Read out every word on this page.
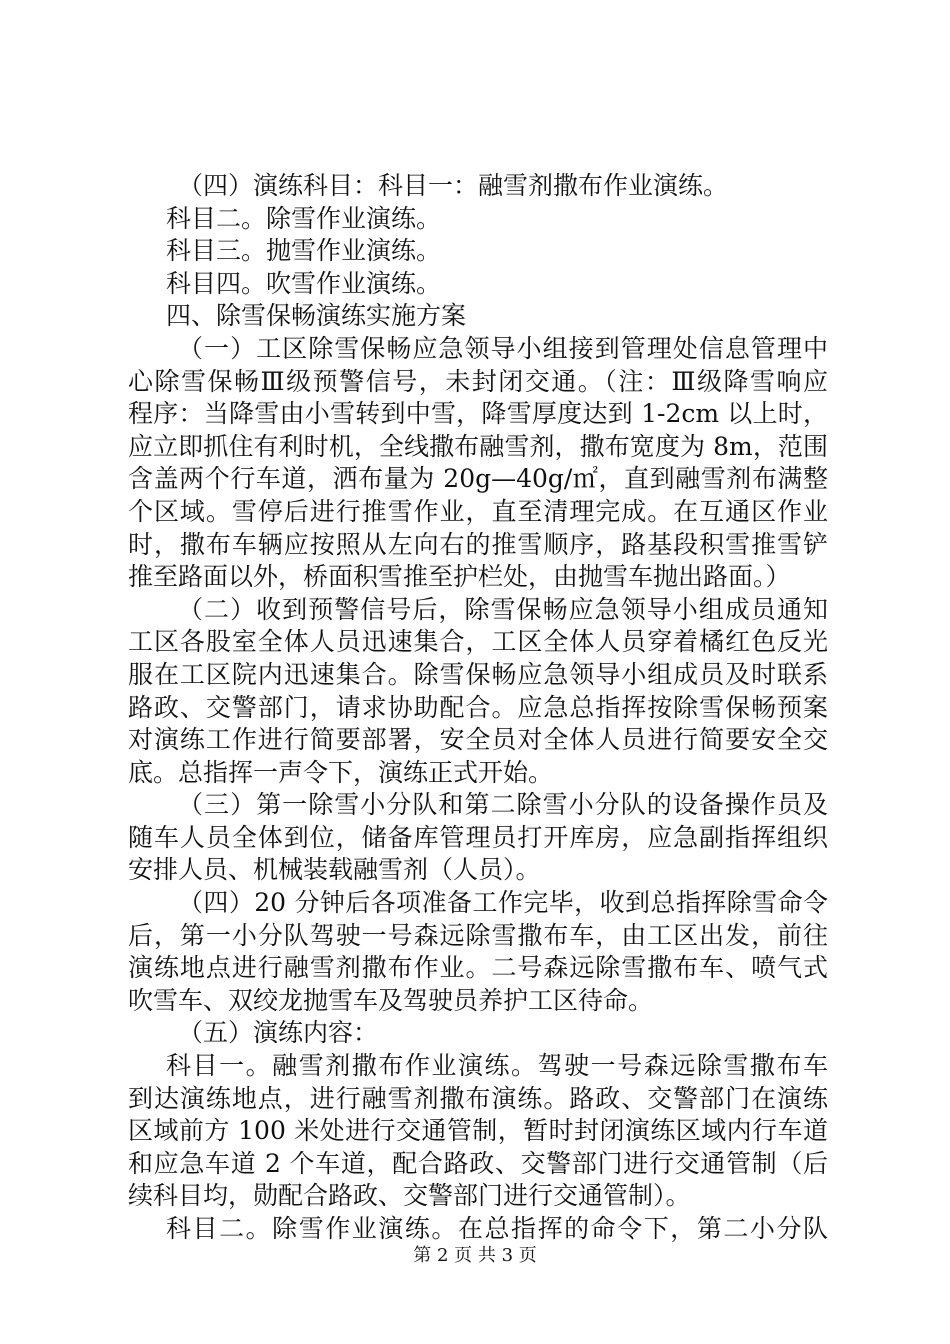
（四）演练科目：科目一：融雪剂撒布作业演练。
科目二。除雪作业演练。
科目三。抛雪作业演练。
科目四。吹雪作业演练。
四、除雪保畅演练实施方案
（一）工区除雪保畅应急领导小组接到管理处信息管理中
心除雪保畅Ⅲ级预警信号，未封闭交通。（注：Ⅲ级降雪响应
程序：当降雪由小雪转到中雪，降雪厚度达到 1-2cm 以上时，
应立即抓住有利时机，全线撒布融雪剂，撒布宽度为 8m，范围
含盖两个行车道，洒布量为 20g—40g/㎡，直到融雪剂布满整
个区域。雪停后进行推雪作业，直至清理完成。在互通区作业
时，撒布车辆应按照从左向右的推雪顺序，路基段积雪推雪铲
推至路面以外，桥面积雪推至护栏处，由抛雪车抛出路面。）
（二）收到预警信号后，除雪保畅应急领导小组成员通知
工区各股室全体人员迅速集合，工区全体人员穿着橘红色反光
服在工区院内迅速集合。除雪保畅应急领导小组成员及时联系
路政、交警部门，请求协助配合。应急总指挥按除雪保畅预案
对演练工作进行简要部署，安全员对全体人员进行简要安全交
底。总指挥一声令下，演练正式开始。
（三）第一除雪小分队和第二除雪小分队的设备操作员及
随车人员全体到位，储备库管理员打开库房，应急副指挥组织
安排人员、机械装载融雪剂（人员）。
（四）20 分钟后各项准备工作完毕，收到总指挥除雪命令
后，第一小分队驾驶一号森远除雪撒布车，由工区出发，前往
演练地点进行融雪剂撒布作业。二号森远除雪撒布车、喷气式
吹雪车、双绞龙抛雪车及驾驶员养护工区待命。
（五）演练内容：
科目一。融雪剂撒布作业演练。驾驶一号森远除雪撒布车
到达演练地点，进行融雪剂撒布演练。路政、交警部门在演练
区域前方 100 米处进行交通管制，暂时封闭演练区域内行车道
和应急车道 2 个车道，配合路政、交警部门进行交通管制（后
续科目均，勋配合路政、交警部门进行交通管制）。
科目二。除雪作业演练。在总指挥的命令下，第二小分队
第 2 页 共 3 页
